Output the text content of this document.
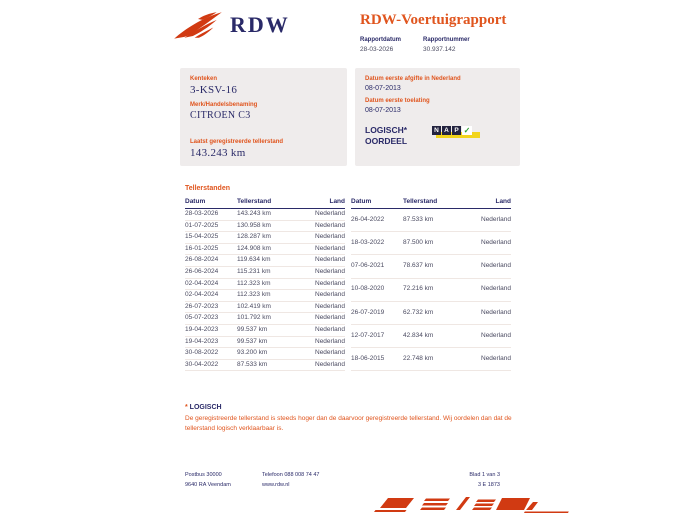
RDW	RDW-Voertuigrapport
Rapportdatum
28-03-2026
Rapportnummer
30.937.142
Kenteken
3-KSV-16
Merk/Handelsbenaming
CITROEN C3
Laatst geregistreerde tellerstand
143.243 km
Datum eerste afgifte in Nederland
08-07-2013
Datum eerste toelating
08-07-2013
LOGISCH*
OORDEEL
N A P ✓
Tellerstanden
Datum	Tellerstand	Land
28-03-2026	143.243 km	Nederland
01-07-2025	130.958 km	Nederland
15-04-2025	128.287 km	Nederland
16-01-2025	124.908 km	Nederland
26-08-2024	119.634 km	Nederland
26-06-2024	115.231 km	Nederland
02-04-2024	112.323 km	Nederland
02-04-2024	112.323 km	Nederland
26-07-2023	102.419 km	Nederland
05-07-2023	101.792 km	Nederland
19-04-2023	99.537 km	Nederland
19-04-2023	99.537 km	Nederland
30-08-2022	93.200 km	Nederland
30-04-2022	87.533 km	Nederland
Datum	Tellerstand	Land
26-04-2022	87.533 km	Nederland
18-03-2022	87.500 km	Nederland
07-06-2021	78.637 km	Nederland
10-08-2020	72.216 km	Nederland
26-07-2019	62.732 km	Nederland
12-07-2017	42.834 km	Nederland
18-06-2015	22.748 km	Nederland
* LOGISCH
De geregistreerde tellerstand is steeds hoger dan de daarvoor geregistreerde tellerstand. Wij oordelen dan dat de tellerstand logisch verklaarbaar is.
Postbus 30000
9640 RA Veendam
Telefoon 088 008 74 47
www.rdw.nl
Blad 1 van 3
3 E 1873
